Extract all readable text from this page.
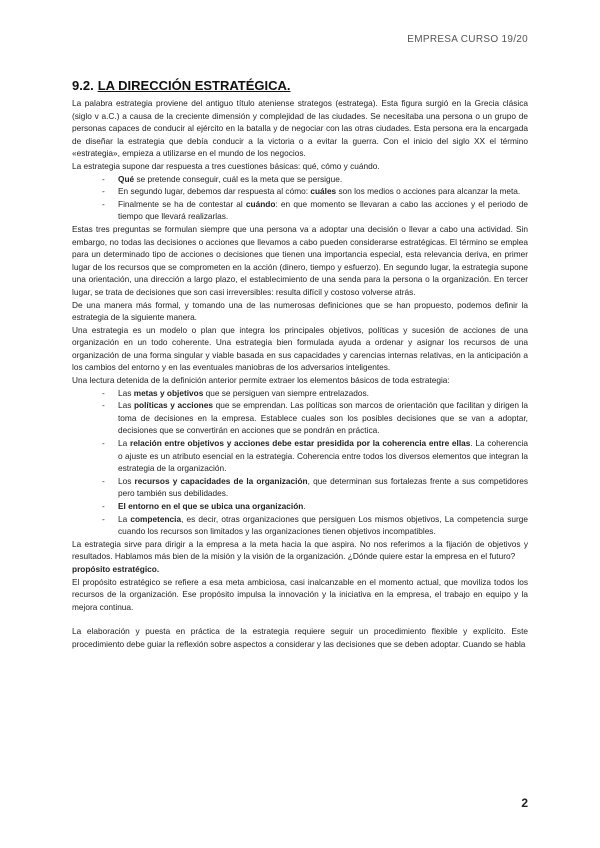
EMPRESA CURSO 19/20
9.2. LA DIRECCIÓN ESTRATÉGICA.

La palabra estrategia proviene del antiguo título ateniense strategos (estratega). Esta figura surgió en la Grecia clásica (siglo v a.C.) a causa de la creciente dimensión y complejidad de las ciudades. Se necesitaba una persona o un grupo de personas capaces de conducir al ejército en la batalla y de negociar con las otras ciudades. Esta persona era la encargada de diseñar la estrategia que debía conducir a la victoria o a evitar la guerra. Con el inicio del siglo XX el término «estrategia», empieza a utilizarse en el mundo de los negocios.

La estrategia supone dar respuesta a tres cuestiones básicas: qué, cómo y cuándo.

- Qué se pretende conseguir, cuál es la meta que se persigue.
- En segundo lugar, debemos dar respuesta al cómo: cuáles son los medios o acciones para alcanzar la meta.
- Finalmente se ha de contestar al cuándo: en que momento se llevaran a cabo las acciones y el periodo de tiempo que llevará realizarlas.

Estas tres preguntas se formulan siempre que una persona va a adoptar una decisión o llevar a cabo una actividad. Sin embargo, no todas las decisiones o acciones que llevamos a cabo pueden considerarse estratégicas. El término se emplea para un determinado tipo de acciones o decisiones que tienen una importancia especial, esta relevancia deriva, en primer lugar de los recursos que se comprometen en la acción (dinero, tiempo y esfuerzo). En segundo lugar, la estrategia supone una orientación, una dirección a largo plazo, el establecimiento de una senda para la persona o la organización. En tercer lugar, se trata de decisiones que son casi irreversibles: resulta difícil y costoso volverse atrás.

De una manera más formal, y tomando una de las numerosas definiciones que se han propuesto, podemos definir la estrategia de la siguiente manera.

Una estrategia es un modelo o plan que integra los principales objetivos, políticas y sucesión de acciones de una organización en un todo coherente. Una estrategia bien formulada ayuda a ordenar y asignar los recursos de una organización de una forma singular y viable basada en sus capacidades y carencias internas relativas, en la anticipación a los cambios del entorno y en las eventuales maniobras de los adversarios inteligentes.

Una lectura detenida de la definición anterior permite extraer los elementos básicos de toda estrategia:

- Las metas y objetivos que se persiguen van siempre entrelazados.
- Las políticas y acciones que se emprendan. Las políticas son marcos de orientación que facilitan y dirigen la toma de decisiones en la empresa. Establece cuales son los posibles decisiones que se van a adoptar, decisiones que se convertirán en acciones que se pondrán en práctica.
- La relación entre objetivos y acciones debe estar presidida por la coherencia entre ellas. La coherencia o ajuste es un atributo esencial en la estrategia. Coherencia entre todos los diversos elementos que integran la estrategia de la organización.
- Los recursos y capacidades de la organización, que determinan sus fortalezas frente a sus competidores pero también sus debilidades.
- El entorno en el que se ubica una organización.
- La competencia, es decir, otras organizaciones que persiguen Los mismos objetivos, La competencia surge cuando los recursos son limitados y las organizaciones tienen objetivos incompatibles.

La estrategia sirve para dirigir a la empresa a la meta hacia la que aspira. No nos referimos a la fijación de objetivos y resultados. Hablamos más bien de la misión y la visión de la organización. ¿Dónde quiere estar la empresa en el futuro?

propósito estratégico.

El propósito estratégico se refiere a esa meta ambiciosa, casi inalcanzable en el momento actual, que moviliza todos los recursos de la organización. Ese propósito impulsa la innovación y la iniciativa en la empresa, el trabajo en equipo y la mejora continua.

La elaboración y puesta en práctica de la estrategia requiere seguir un procedimiento flexible y explícito. Este procedimiento debe guiar la reflexión sobre aspectos a considerar y las decisiones que se deben adoptar. Cuando se habla

2
